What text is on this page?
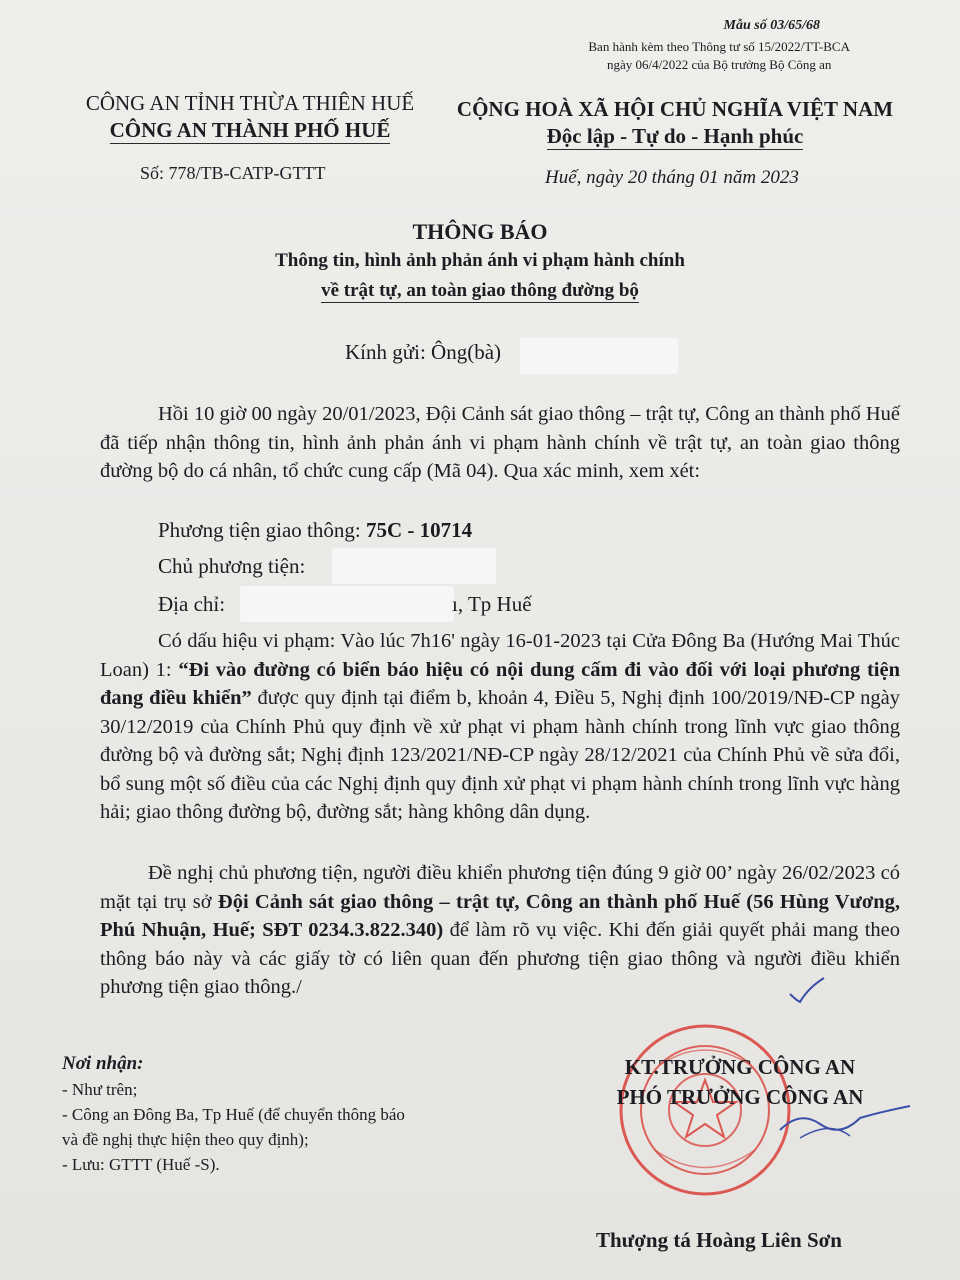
Mẫu số 03/65/68
Ban hành kèm theo Thông tư số 15/2022/TT-BCA
ngày 06/4/2022 của Bộ trưởng Bộ Công an
CÔNG AN TỈNH THỪA THIÊN HUẾ
CÔNG AN THÀNH PHỐ HUẾ
CỘNG HOÀ XÃ HỘI CHỦ NGHĨA VIỆT NAM
Độc lập - Tự do - Hạnh phúc
Số: 778/TB-CATP-GTTT	Huế, ngày 20 tháng 01 năm 2023
THÔNG BÁO
Thông tin, hình ảnh phản ánh vi phạm hành chính
về trật tự, an toàn giao thông đường bộ
Kính gửi: Ông(bà)
Hồi 10 giờ 00 ngày 20/01/2023, Đội Cảnh sát giao thông – trật tự, Công an thành phố Huế đã tiếp nhận thông tin, hình ảnh phản ánh vi phạm hành chính về trật tự, an toàn giao thông đường bộ do cá nhân, tổ chức cung cấp (Mã 04). Qua xác minh, xem xét:
Phương tiện giao thông: 75C - 10714
Chủ phương tiện:
Địa chỉ:	ı, Tp Huế
Có dấu hiệu vi phạm: Vào lúc 7h16' ngày 16-01-2023 tại Cửa Đông Ba (Hướng Mai Thúc Loan) 1: “Đi vào đường có biển báo hiệu có nội dung cấm đi vào đối với loại phương tiện đang điều khiển” được quy định tại điểm b, khoản 4, Điều 5, Nghị định 100/2019/NĐ-CP ngày 30/12/2019 của Chính Phủ quy định về xử phạt vi phạm hành chính trong lĩnh vực giao thông đường bộ và đường sắt; Nghị định 123/2021/NĐ-CP ngày 28/12/2021 của Chính Phủ về sửa đổi, bổ sung một số điều của các Nghị định quy định xử phạt vi phạm hành chính trong lĩnh vực hàng hải; giao thông đường bộ, đường sắt; hàng không dân dụng.
Đề nghị chủ phương tiện, người điều khiển phương tiện đúng 9 giờ 00’ ngày 26/02/2023 có mặt tại trụ sở Đội Cảnh sát giao thông – trật tự, Công an thành phố Huế (56 Hùng Vương, Phú Nhuận, Huế; SĐT 0234.3.822.340) để làm rõ vụ việc. Khi đến giải quyết phải mang theo thông báo này và các giấy tờ có liên quan đến phương tiện giao thông và người điều khiển phương tiện giao thông./
Nơi nhận:
- Như trên;
- Công an Đông Ba, Tp Huế (để chuyển thông báo
và đề nghị thực hiện theo quy định);
- Lưu: GTTT (Huế -S).
KT.TRƯỞNG CÔNG AN
PHÓ TRƯỞNG CÔNG AN
Thượng tá Hoàng Liên Sơn
